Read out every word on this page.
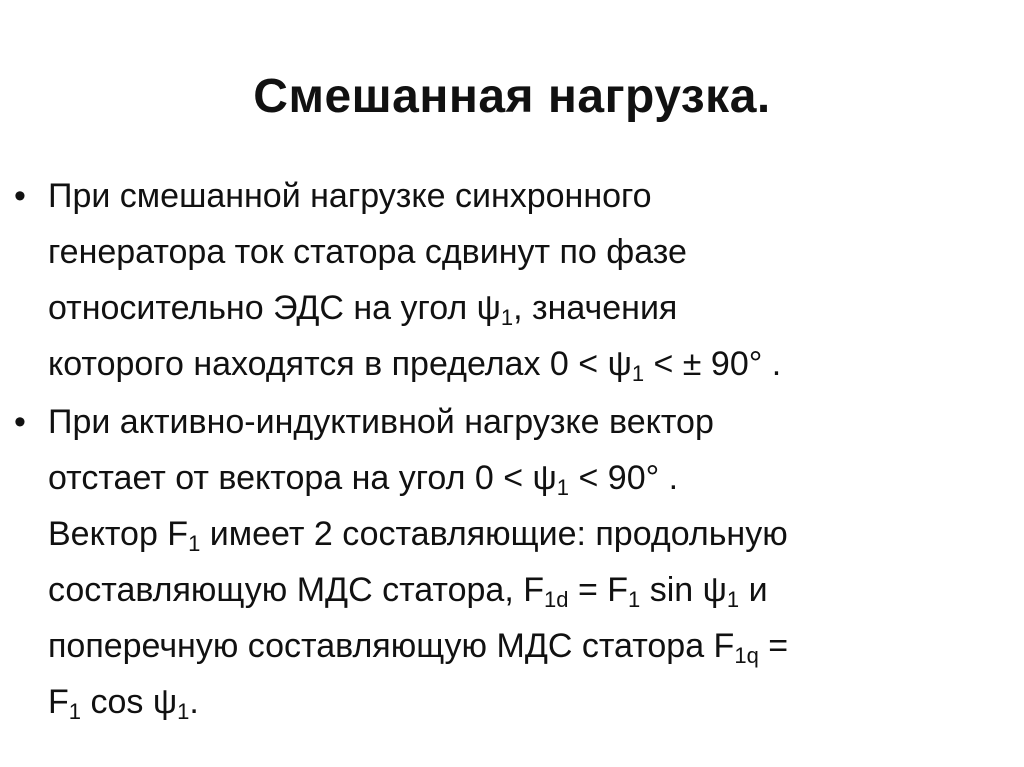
Смешанная нагрузка.
• При смешанной нагрузке синхронного
генератора ток статора сдвинут по фазе
относительно ЭДС на угол $\psi_1$, значения
которого находятся в пределах $0 < \psi_1$ < ± 90° .
• При активно-индуктивной нагрузке вектор
отстает от вектора на угол $0 < \psi_1 < 90^\circ$ .
Вектор $F_1$ имеет 2 составляющие: продольную
составляющую МДС статора, $F_{1d} = F_1$ $\sin \psi_1$ и
поперечную составляющую МДС статора $F_{1q}$ =
$F_1$ $\cos \psi_1$.
